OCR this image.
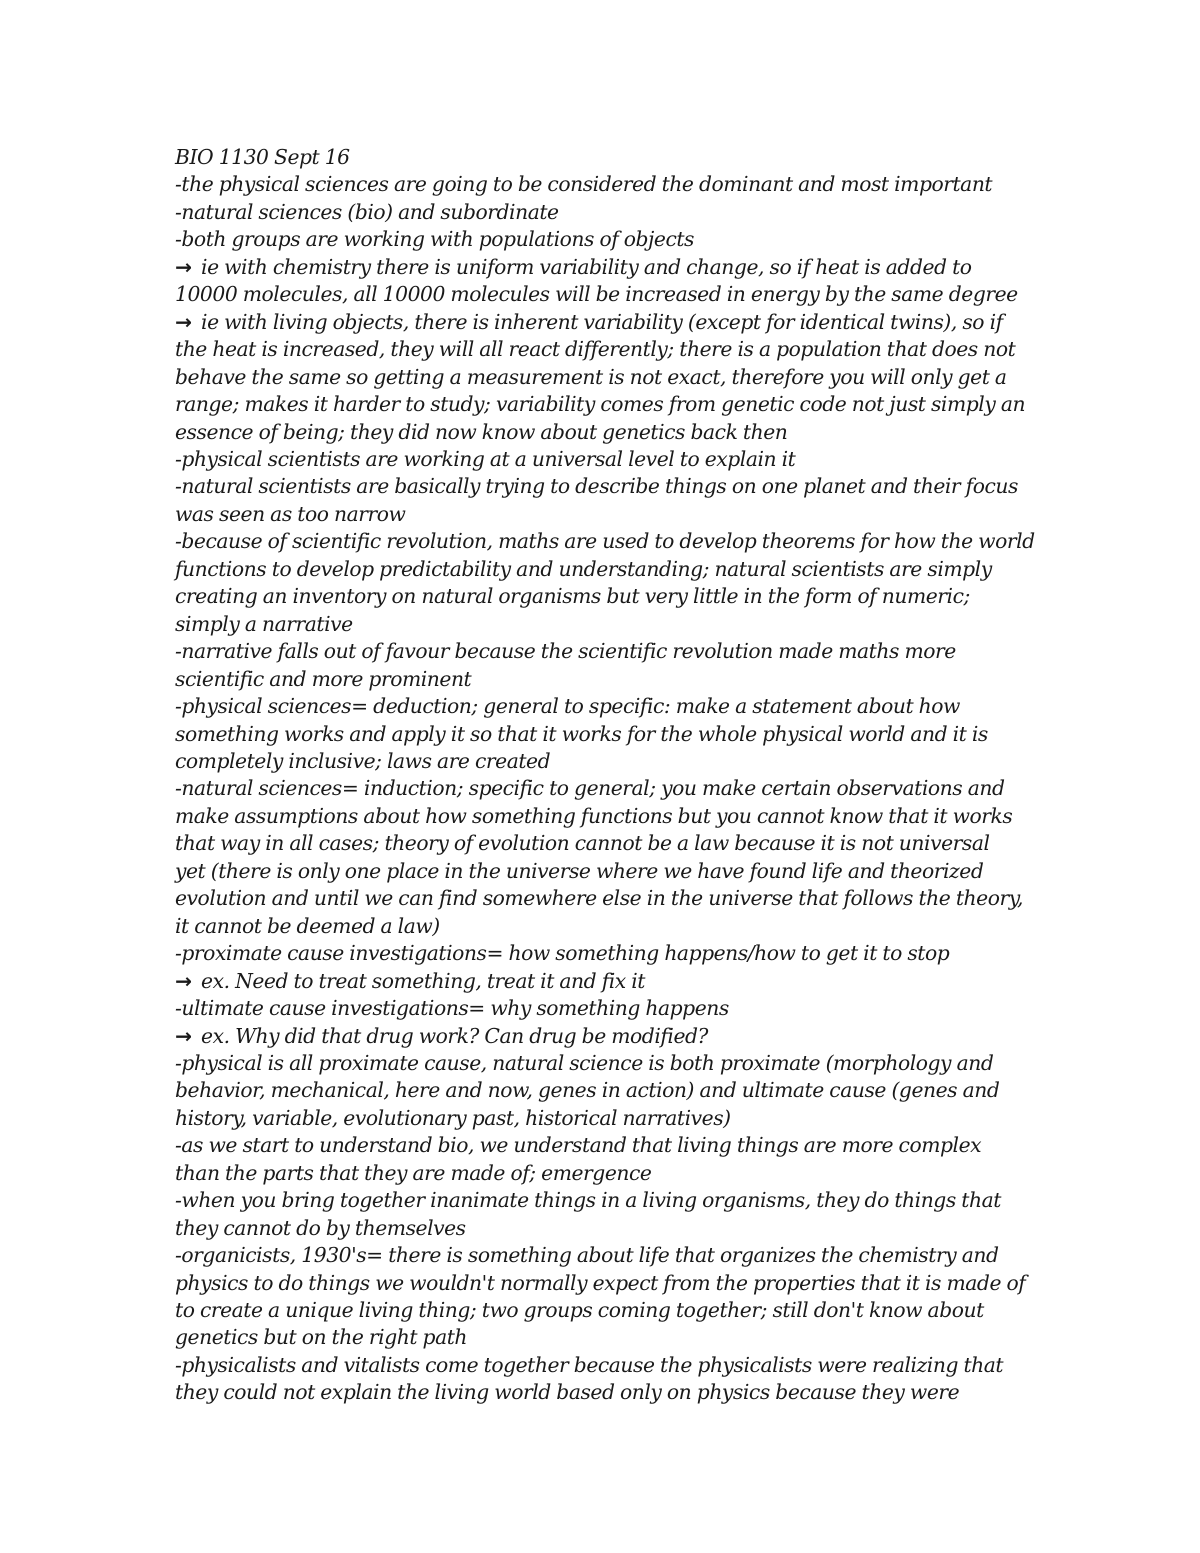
BIO 1130 Sept 16
-the physical sciences are going to be considered the dominant and most important
-natural sciences (bio) and subordinate
-both groups are working with populations of objects
→ ie with chemistry there is uniform variability and change, so if heat is added to
10000 molecules, all 10000 molecules will be increased in energy by the same degree
→ ie with living objects, there is inherent variability (except for identical twins), so if
the heat is increased, they will all react differently; there is a population that does not
behave the same so getting a measurement is not exact, therefore you will only get a
range; makes it harder to study; variability comes from genetic code not just simply an
essence of being; they did now know about genetics back then
-physical scientists are working at a universal level to explain it
-natural scientists are basically trying to describe things on one planet and their focus
was seen as too narrow
-because of scientific revolution, maths are used to develop theorems for how the world
functions to develop predictability and understanding; natural scientists are simply
creating an inventory on natural organisms but very little in the form of numeric;
simply a narrative
-narrative falls out of favour because the scientific revolution made maths more
scientific and more prominent
-physical sciences= deduction; general to specific: make a statement about how
something works and apply it so that it works for the whole physical world and it is
completely inclusive; laws are created
-natural sciences= induction; specific to general; you make certain observations and
make assumptions about how something functions but you cannot know that it works
that way in all cases; theory of evolution cannot be a law because it is not universal
yet (there is only one place in the universe where we have found life and theorized
evolution and until we can find somewhere else in the universe that follows the theory,
it cannot be deemed a law)
-proximate cause investigations= how something happens/how to get it to stop
→ ex. Need to treat something, treat it and fix it
-ultimate cause investigations= why something happens
→ ex. Why did that drug work? Can drug be modified?
-physical is all proximate cause, natural science is both proximate (morphology and
behavior, mechanical, here and now, genes in action) and ultimate cause (genes and
history, variable, evolutionary past, historical narratives)
-as we start to understand bio, we understand that living things are more complex
than the parts that they are made of; emergence
-when you bring together inanimate things in a living organisms, they do things that
they cannot do by themselves
-organicists, 1930's= there is something about life that organizes the chemistry and
physics to do things we wouldn't normally expect from the properties that it is made of
to create a unique living thing; two groups coming together; still don't know about
genetics but on the right path
-physicalists and vitalists come together because the physicalists were realizing that
they could not explain the living world based only on physics because they were
